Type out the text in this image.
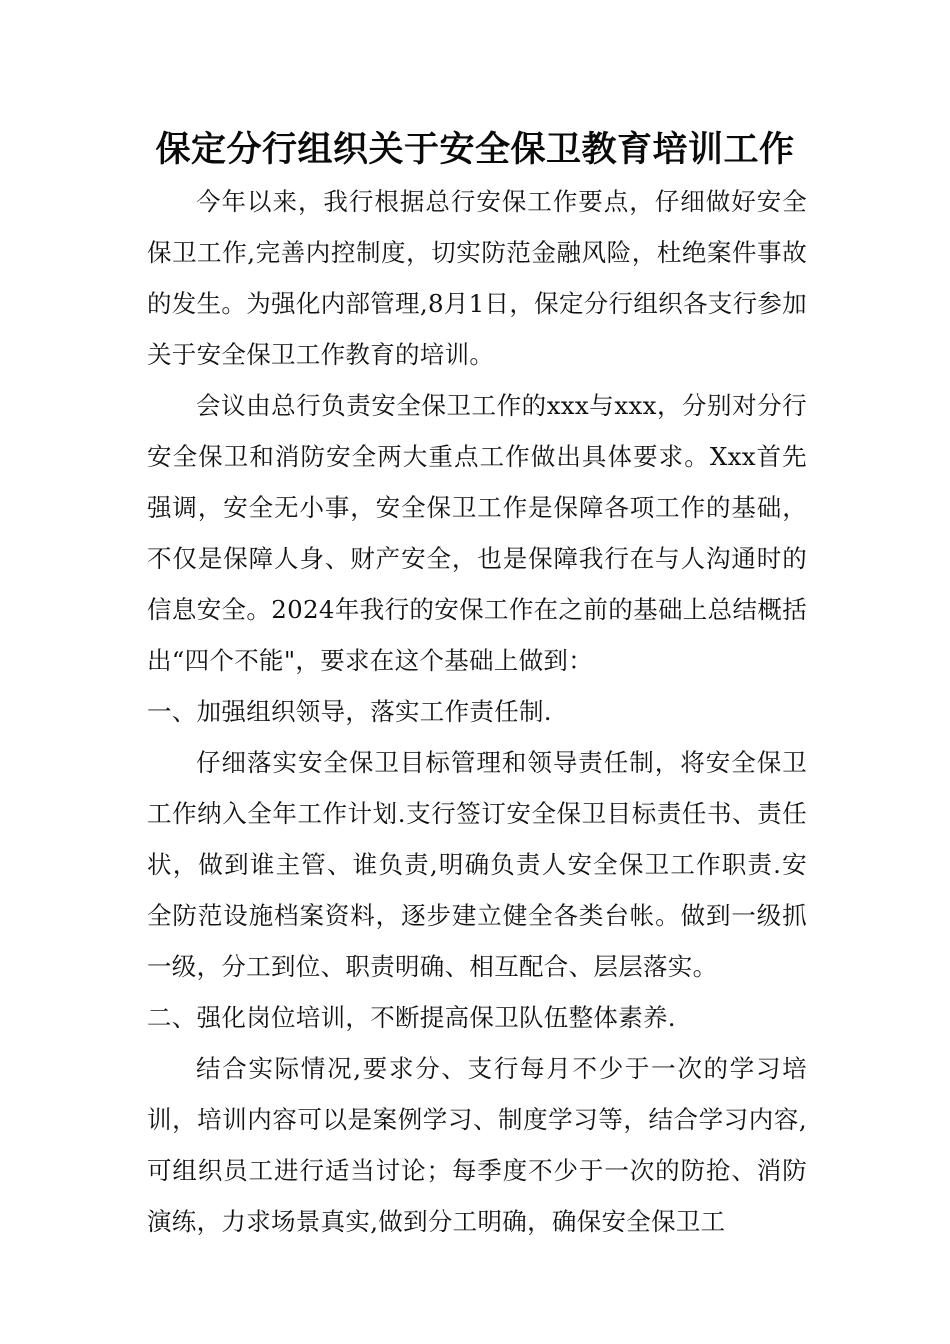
保定分行组织关于安全保卫教育培训工作

今年以来，我行根据总行安保工作要点，仔细做好安全保卫工作,完善内控制度，切实防范金融风险，杜绝案件事故的发生。为强化内部管理,8月1日，保定分行组织各支行参加关于安全保卫工作教育的培训。

会议由总行负责安全保卫工作的xxx与xxx，分别对分行安全保卫和消防安全两大重点工作做出具体要求。Xxx首先强调，安全无小事，安全保卫工作是保障各项工作的基础，不仅是保障人身、财产安全，也是保障我行在与人沟通时的信息安全。2024年我行的安保工作在之前的基础上总结概括出“四个不能"，要求在这个基础上做到：

一、加强组织领导，落实工作责任制.

仔细落实安全保卫目标管理和领导责任制，将安全保卫工作纳入全年工作计划.支行签订安全保卫目标责任书、责任状，做到谁主管、谁负责,明确负责人安全保卫工作职责.安全防范设施档案资料，逐步建立健全各类台帐。做到一级抓一级，分工到位、职责明确、相互配合、层层落实。

二、强化岗位培训，不断提高保卫队伍整体素养.

结合实际情况,要求分、支行每月不少于一次的学习培训，培训内容可以是案例学习、制度学习等，结合学习内容,可组织员工进行适当讨论；每季度不少于一次的防抢、消防演练，力求场景真实,做到分工明确，确保安全保卫工
